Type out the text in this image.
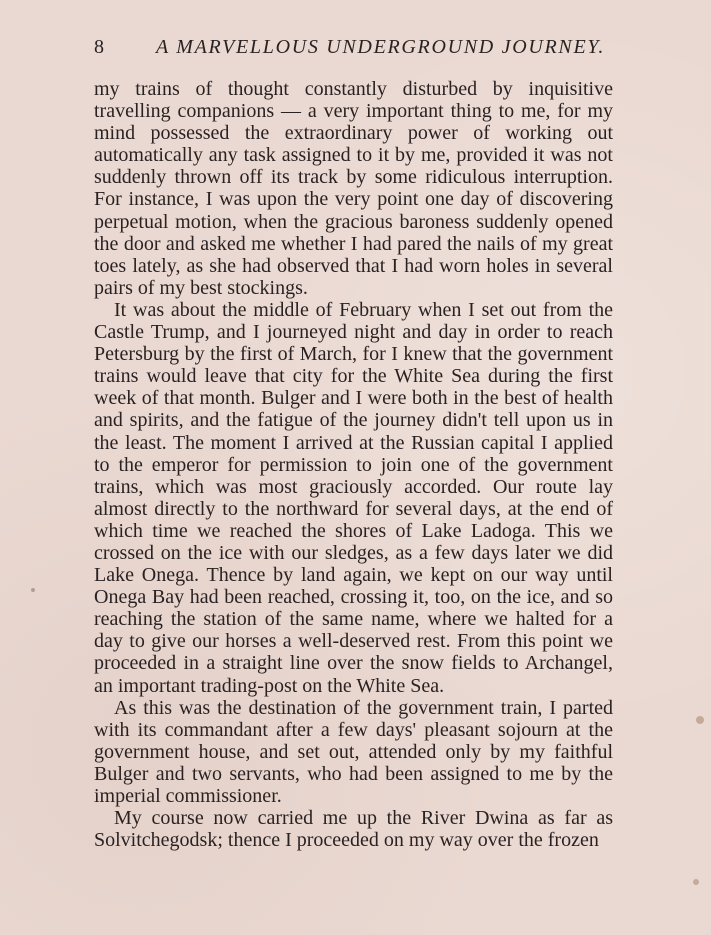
8	A MARVELLOUS UNDERGROUND JOURNEY.

my trains of thought constantly disturbed by inquisitive travelling companions — a very important thing to me, for my mind possessed the extraordinary power of working out automatically any task assigned to it by me, provided it was not suddenly thrown off its track by some ridiculous interruption. For instance, I was upon the very point one day of discovering perpetual motion, when the gracious baroness suddenly opened the door and asked me whether I had pared the nails of my great toes lately, as she had observed that I had worn holes in several pairs of my best stockings.

It was about the middle of February when I set out from the Castle Trump, and I journeyed night and day in order to reach Petersburg by the first of March, for I knew that the government trains would leave that city for the White Sea during the first week of that month. Bulger and I were both in the best of health and spirits, and the fatigue of the journey didn't tell upon us in the least. The moment I arrived at the Russian capital I applied to the emperor for permission to join one of the government trains, which was most graciously accorded. Our route lay almost directly to the northward for several days, at the end of which time we reached the shores of Lake Ladoga. This we crossed on the ice with our sledges, as a few days later we did Lake Onega. Thence by land again, we kept on our way until Onega Bay had been reached, crossing it, too, on the ice, and so reaching the station of the same name, where we halted for a day to give our horses a well-deserved rest. From this point we proceeded in a straight line over the snow fields to Archangel, an important trading-post on the White Sea.

As this was the destination of the government train, I parted with its commandant after a few days' pleasant sojourn at the government house, and set out, attended only by my faithful Bulger and two servants, who had been assigned to me by the imperial commissioner.

My course now carried me up the River Dwina as far as Solvitchegodsk; thence I proceeded on my way over the frozen
